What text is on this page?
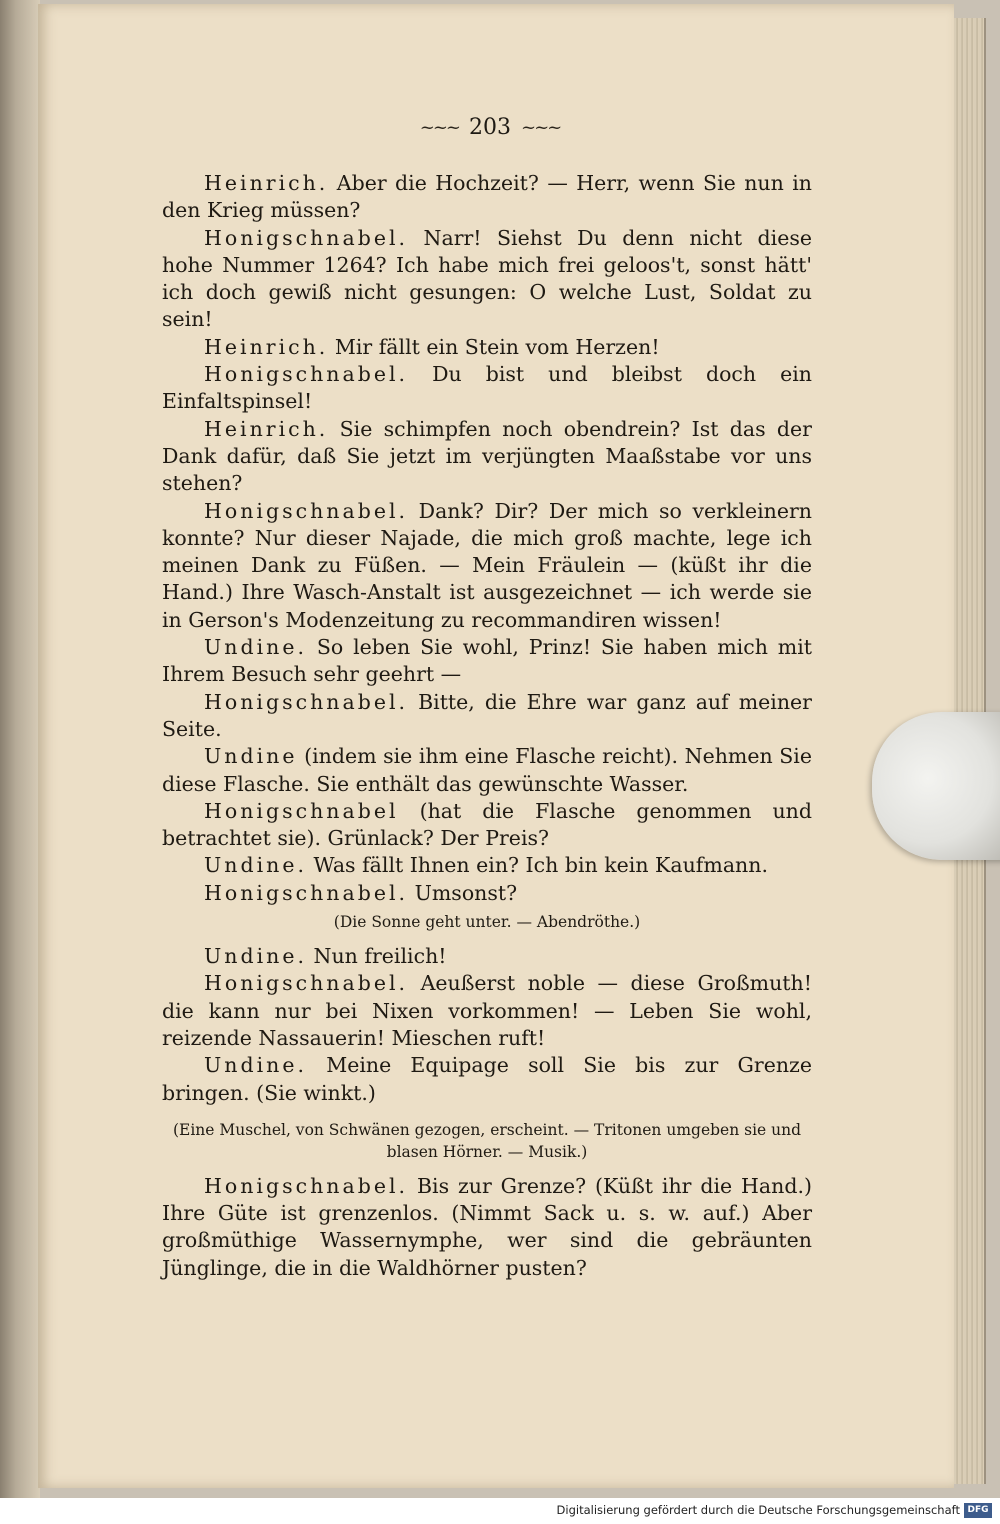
~~~ 203 ~~~

Heinrich. Aber die Hochzeit? — Herr, wenn Sie nun in den Krieg müssen?

Honigschnabel. Narr! Siehst Du denn nicht diese hohe Nummer 1264? Ich habe mich frei geloos't, sonst hätt' ich doch gewiß nicht gesungen: O welche Lust, Soldat zu sein!

Heinrich. Mir fällt ein Stein vom Herzen!

Honigschnabel. Du bist und bleibst doch ein Einfaltspinsel!

Heinrich. Sie schimpfen noch obendrein? Ist das der Dank dafür, daß Sie jetzt im verjüngten Maaßstabe vor uns stehen?

Honigschnabel. Dank? Dir? Der mich so verkleinern konnte? Nur dieser Najade, die mich groß machte, lege ich meinen Dank zu Füßen. — Mein Fräulein — (küßt ihr die Hand.) Ihre Wasch-Anstalt ist ausgezeichnet — ich werde sie in Gerson's Modenzeitung zu recommandiren wissen!

Undine. So leben Sie wohl, Prinz! Sie haben mich mit Ihrem Besuch sehr geehrt —

Honigschnabel. Bitte, die Ehre war ganz auf meiner Seite.

Undine (indem sie ihm eine Flasche reicht). Nehmen Sie diese Flasche. Sie enthält das gewünschte Wasser.

Honigschnabel (hat die Flasche genommen und betrachtet sie). Grünlack? Der Preis?

Undine. Was fällt Ihnen ein? Ich bin kein Kaufmann.

Honigschnabel. Umsonst?

(Die Sonne geht unter. — Abendröthe.)

Undine. Nun freilich!

Honigschnabel. Aeußerst noble — diese Großmuth! die kann nur bei Nixen vorkommen! — Leben Sie wohl, reizende Nassauerin! Mieschen ruft!

Undine. Meine Equipage soll Sie bis zur Grenze bringen. (Sie winkt.)

(Eine Muschel, von Schwänen gezogen, erscheint. — Tritonen umgeben sie und blasen Hörner. — Musik.)

Honigschnabel. Bis zur Grenze? (Küßt ihr die Hand.) Ihre Güte ist grenzenlos. (Nimmt Sack u. s. w. auf.) Aber großmüthige Wassernymphe, wer sind die gebräunten Jünglinge, die in die Waldhörner pusten?

Digitalisierung gefördert durch die Deutsche Forschungsgemeinschaft DFG
